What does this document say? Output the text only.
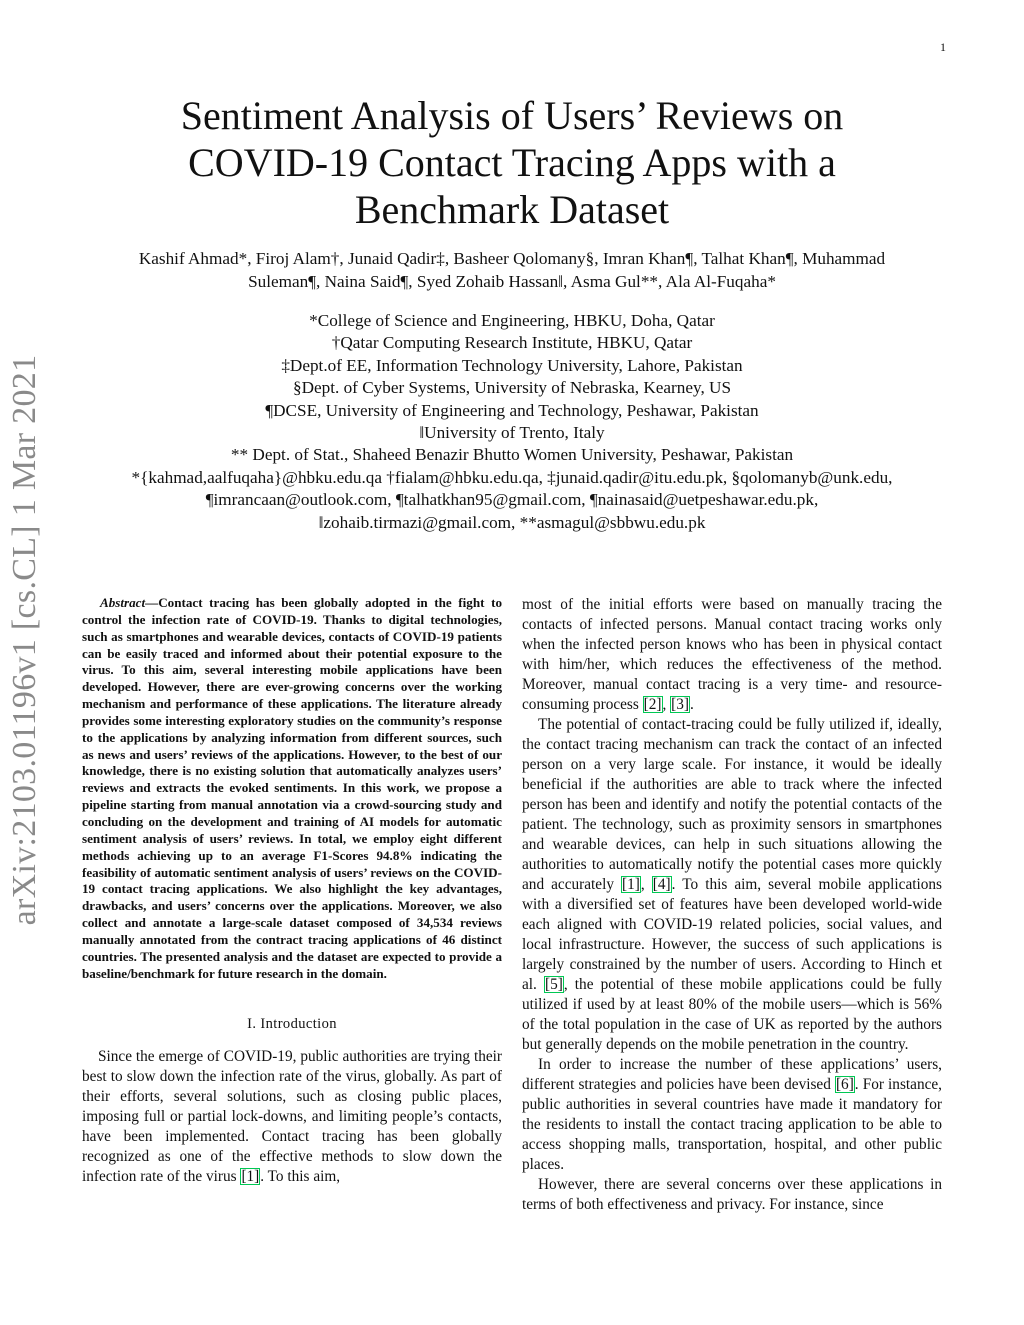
1
arXiv:2103.01196v1 [cs.CL] 1 Mar 2021
Sentiment Analysis of Users’ Reviews on
COVID-19 Contact Tracing Apps with a
Benchmark Dataset
Kashif Ahmad*, Firoj Alam†, Junaid Qadir‡, Basheer Qolomany§, Imran Khan¶, Talhat Khan¶, Muhammad
Suleman¶, Naina Said¶, Syed Zohaib Hassan‖, Asma Gul**, Ala Al-Fuqaha*
*College of Science and Engineering, HBKU, Doha, Qatar
†Qatar Computing Research Institute, HBKU, Qatar
‡Dept.of EE, Information Technology University, Lahore, Pakistan
§Dept. of Cyber Systems, University of Nebraska, Kearney, US
¶DCSE, University of Engineering and Technology, Peshawar, Pakistan
‖University of Trento, Italy
** Dept. of Stat., Shaheed Benazir Bhutto Women University, Peshawar, Pakistan
*{kahmad,aalfuqaha}@hbku.edu.qa †fialam@hbku.edu.qa, ‡junaid.qadir@itu.edu.pk, §qolomanyb@unk.edu,
¶imrancaan@outlook.com, ¶talhatkhan95@gmail.com, ¶nainasaid@uetpeshawar.edu.pk,
‖zohaib.tirmazi@gmail.com, **asmagul@sbbwu.edu.pk

Abstract—Contact tracing has been globally adopted in the fight to control the infection rate of COVID-19. Thanks to digital technologies, such as smartphones and wearable devices, contacts of COVID-19 patients can be easily traced and informed about their potential exposure to the virus. To this aim, several interesting mobile applications have been developed. However, there are ever-growing concerns over the working mechanism and performance of these applications. The literature already provides some interesting exploratory studies on the community’s response to the applications by analyzing information from different sources, such as news and users’ reviews of the applications. However, to the best of our knowledge, there is no existing solution that automatically analyzes users’ reviews and extracts the evoked sentiments. In this work, we propose a pipeline starting from manual annotation via a crowd-sourcing study and concluding on the development and training of AI models for automatic sentiment analysis of users’ reviews. In total, we employ eight different methods achieving up to an average F1-Scores 94.8% indicating the feasibility of automatic sentiment analysis of users’ reviews on the COVID-19 contact tracing applications. We also highlight the key advantages, drawbacks, and users’ concerns over the applications. Moreover, we also collect and annotate a large-scale dataset composed of 34,534 reviews manually annotated from the contract tracing applications of 46 distinct countries. The presented analysis and the dataset are expected to provide a baseline/benchmark for future research in the domain.

I. Introduction

Since the emerge of COVID-19, public authorities are trying their best to slow down the infection rate of the virus, globally. As part of their efforts, several solutions, such as closing public places, imposing full or partial lock-downs, and limiting people’s contacts, have been implemented. Contact tracing has been globally recognized as one of the effective methods to slow down the infection rate of the virus [1]. To this aim,

most of the initial efforts were based on manually tracing the contacts of infected persons. Manual contact tracing works only when the infected person knows who has been in physical contact with him/her, which reduces the effectiveness of the method. Moreover, manual contact tracing is a very time- and resource-consuming process [2], [3].

The potential of contact-tracing could be fully utilized if, ideally, the contact tracing mechanism can track the contact of an infected person on a very large scale. For instance, it would be ideally beneficial if the authorities are able to track where the infected person has been and identify and notify the potential contacts of the patient. The technology, such as proximity sensors in smartphones and wearable devices, can help in such situations allowing the authorities to automatically notify the potential cases more quickly and accurately [1], [4]. To this aim, several mobile applications with a diversified set of features have been developed world-wide each aligned with COVID-19 related policies, social values, and local infrastructure. However, the success of such applications is largely constrained by the number of users. According to Hinch et al. [5], the potential of these mobile applications could be fully utilized if used by at least 80% of the mobile users—which is 56% of the total population in the case of UK as reported by the authors but generally depends on the mobile penetration in the country.

In order to increase the number of these applications’ users, different strategies and policies have been devised [6]. For instance, public authorities in several countries have made it mandatory for the residents to install the contact tracing application to be able to access shopping malls, transportation, hospital, and other public places.

However, there are several concerns over these applications in terms of both effectiveness and privacy. For instance, since
